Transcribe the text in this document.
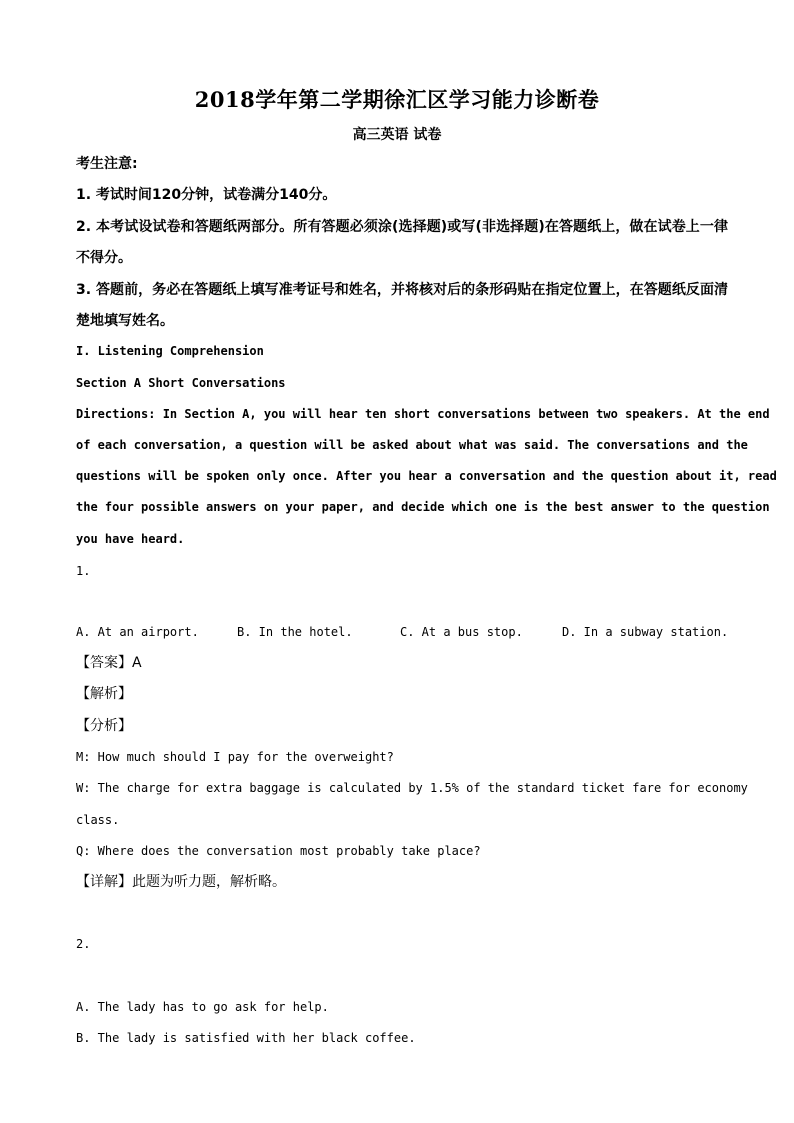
2018学年第二学期徐汇区学习能力诊断卷
高三英语 试卷
考生注意:
1. 考试时间120分钟，试卷满分140分。
2. 本考试设试卷和答题纸两部分。所有答题必须涂(选择题)或写(非选择题)在答题纸上，做在试卷上一律
不得分。
3. 答题前，务必在答题纸上填写准考证号和姓名，并将核对后的条形码贴在指定位置上，在答题纸反面清
楚地填写姓名。
I. Listening Comprehension
Section A Short Conversations
Directions: In Section A, you will hear ten short conversations between two speakers. At the end
of each conversation, a question will be asked about what was said. The conversations and the
questions will be spoken only once. After you hear a conversation and the question about it, read
the four possible answers on your paper, and decide which one is the best answer to the question
you have heard.
1.
A. At an airport.	B. In the hotel.	C. At a bus stop.	D. In a subway station.
【答案】A
【解析】
【分析】
M: How much should I pay for the overweight?
W: The charge for extra baggage is calculated by 1.5% of the standard ticket fare for economy
class.
Q: Where does the conversation most probably take place?
【详解】此题为听力题，解析略。
2.
A. The lady has to go ask for help.
B. The lady is satisfied with her black coffee.
